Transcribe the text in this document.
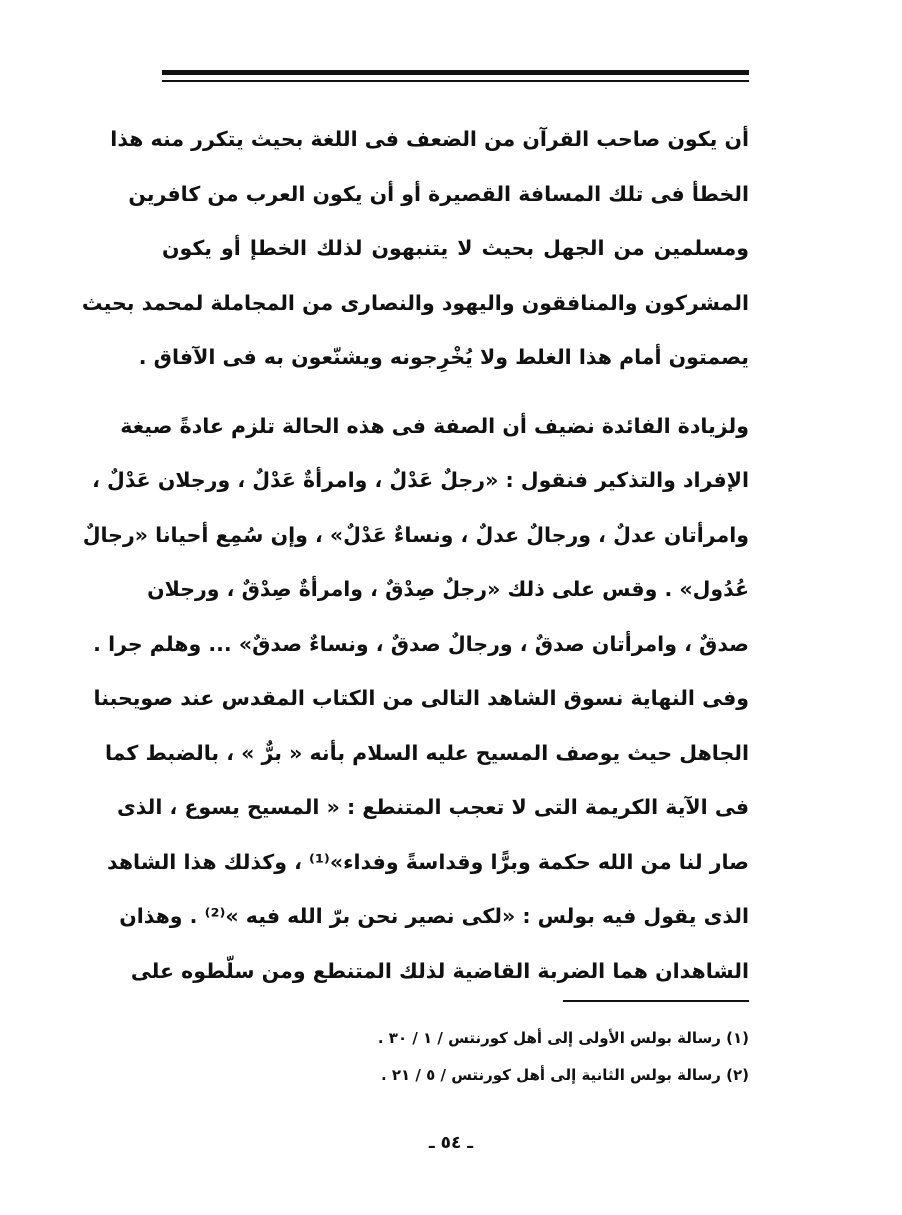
أن يكون صاحب القرآن من الضعف فى اللغة بحيث يتكرر منه هذا
الخطأ فى تلك المسافة القصيرة أو أن يكون العرب من كافرين
ومسلمين من الجهل بحيث لا يتنبهون لذلك الخطإ أو يكون
المشركون والمنافقون واليهود والنصارى من المجاملة لمحمد بحيث
يصمتون أمام هذا الغلط ولا يُخْرِجونه ويشنّعون به فى الآفاق .

ولزيادة الفائدة نضيف أن الصفة فى هذه الحالة تلزم عادةً صيغة
الإفراد والتذكير فنقول : «رجلٌ عَدْلٌ ، وامرأةٌ عَدْلٌ ، ورجلان عَدْلٌ ،
وامرأتان عدلٌ ، ورجالٌ عدلٌ ، ونساءٌ عَدْلٌ» ، وإن سُمِع أحيانا «رجالٌ
عُدُول» . وقس على ذلك «رجلٌ صِدْقٌ ، وامرأةٌ صِدْقٌ ، ورجلان
صدقٌ ، وامرأتان صدقٌ ، ورجالٌ صدقٌ ، ونساءٌ صدقٌ» ... وهلم جرا .

وفى النهاية نسوق الشاهد التالى من الكتاب المقدس عند صويحبنا
الجاهل حيث يوصف المسيح عليه السلام بأنه « برٌّ » ، بالضبط كما
فى الآية الكريمة التى لا تعجب المتنطع : « المسيح يسوع ، الذى
صار لنا من الله حكمة وبرًّا وقداسةً وفداء»⁽¹⁾ ، وكذلك هذا الشاهد
الذى يقول فيه بولس : «لكى نصير نحن برّ الله فيه »⁽²⁾ . وهذان
الشاهدان هما الضربة القاضية لذلك المتنطع ومن سلّطوه على

(١) رسالة بولس الأولى إلى أهل كورنتس / ١ / ٣٠ .
(٢) رسالة بولس الثانية إلى أهل كورنتس / ٥ / ٢١ .
ـ ٥٤ ـ
